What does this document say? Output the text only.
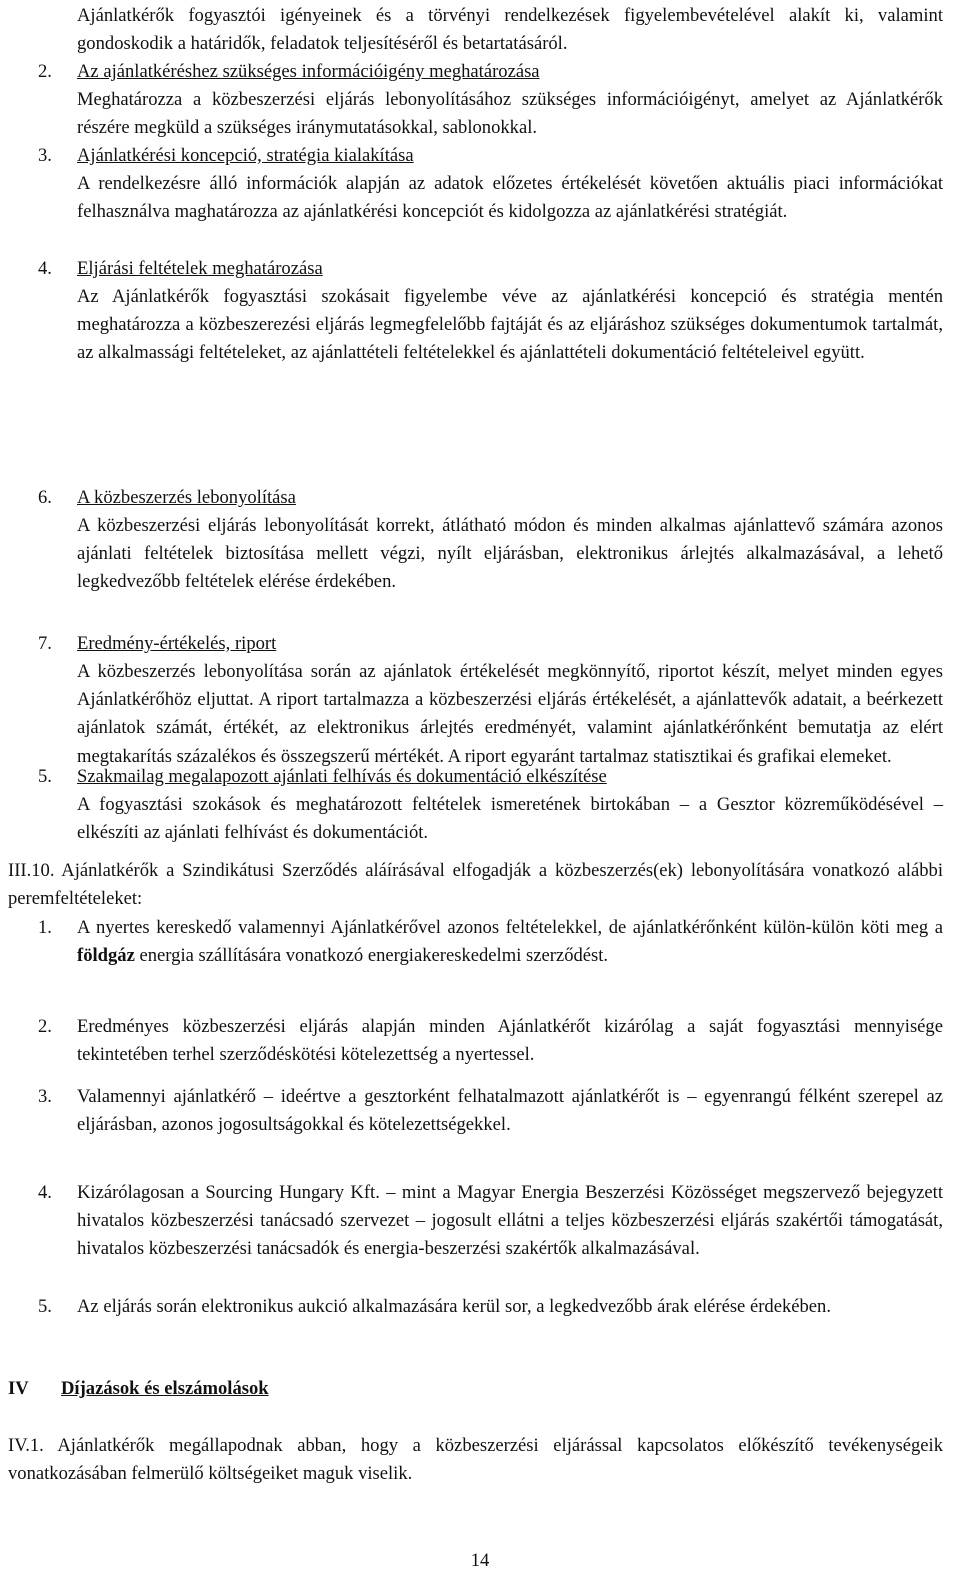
Ajánlatkérők fogyasztói igényeinek és a törvényi rendelkezések figyelembevételével alakít ki, valamint gondoskodik a határidők, feladatok teljesítéséről és betartatásáról.

2.	Az ajánlatkéréshez szükséges információigény meghatározása
Meghatározza a közbeszerzési eljárás lebonyolításához szükséges információigényt, amelyet az Ajánlatkérők részére megküld a szükséges iránymutatásokkal, sablonokkal.
3.	Ajánlatkérési koncepció, stratégia kialakítása
A rendelkezésre álló információk alapján az adatok előzetes értékelését követően aktuális piaci információkat felhasználva maghatározza az ajánlatkérési koncepciót és kidolgozza az ajánlatkérési stratégiát.
4.	Eljárási feltételek meghatározása
Az Ajánlatkérők fogyasztási szokásait figyelembe véve az ajánlatkérési koncepció és stratégia mentén meghatározza a közbeszerezési eljárás legmegfelelőbb fajtáját és az eljáráshoz szükséges dokumentumok tartalmát, az alkalmassági feltételeket, az ajánlattételi feltételekkel és ajánlattételi dokumentáció feltételeivel együtt.
5.	Szakmailag megalapozott ajánlati felhívás és dokumentáció elkészítése
A fogyasztási szokások és meghatározott feltételek ismeretének birtokában – a Gesztor közreműködésével – elkészíti az ajánlati felhívást és dokumentációt.
6.	A közbeszerzés lebonyolítása
A közbeszerzési eljárás lebonyolítását korrekt, átlátható módon és minden alkalmas ajánlattevő számára azonos ajánlati feltételek biztosítása mellett végzi, nyílt eljárásban, elektronikus árlejtés alkalmazásával, a lehető legkedvezőbb feltételek elérése érdekében.
7.	Eredmény-értékelés, riport
A közbeszerzés lebonyolítása során az ajánlatok értékelését megkönnyítő, riportot készít, melyet minden egyes Ajánlatkérőhöz eljuttat. A riport tartalmazza a közbeszerzési eljárás értékelését, a ajánlattevők adatait, a beérkezett ajánlatok számát, értékét, az elektronikus árlejtés eredményét, valamint ajánlatkérőnként bemutatja az elért megtakarítás százalékos és összegszerű mértékét. A riport egyaránt tartalmaz statisztikai és grafikai elemeket.
III.10. Ajánlatkérők a Szindikátusi Szerződés aláírásával elfogadják a közbeszerzés(ek) lebonyolítására vonatkozó alábbi peremfeltételeket:
1.	A nyertes kereskedő valamennyi Ajánlatkérővel azonos feltételekkel, de ajánlatkérőnként külön-külön köti meg a földgáz energia szállítására vonatkozó energiakereskedelmi szerződést.
2.	Eredményes közbeszerzési eljárás alapján minden Ajánlatkérőt kizárólag a saját fogyasztási mennyisége tekintetében terhel szerződéskötési kötelezettség a nyertessel.
3.	Valamennyi ajánlatkérő – ideértve a gesztorként felhatalmazott ajánlatkérőt is – egyenrangú félként szerepel az eljárásban, azonos jogosultságokkal és kötelezettségekkel.
4.	Kizárólagosan a Sourcing Hungary Kft. – mint a Magyar Energia Beszerzési Közösséget megszervező bejegyzett hivatalos közbeszerzési tanácsadó szervezet – jogosult ellátni a teljes közbeszerzési eljárás szakértői támogatását, hivatalos közbeszerzési tanácsadók és energia-beszerzési szakértők alkalmazásával.
5.	Az eljárás során elektronikus aukció alkalmazására kerül sor, a legkedvezőbb árak elérése érdekében.
IV Díjazások és elszámolások
IV.1. Ajánlatkérők megállapodnak abban, hogy a közbeszerzési eljárással kapcsolatos előkészítő tevékenységeik vonatkozásában felmerülő költségeiket maguk viselik.
14
